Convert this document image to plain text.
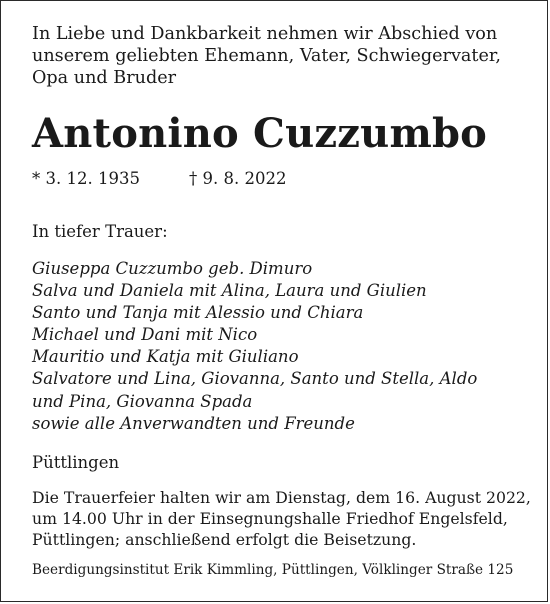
In Liebe und Dankbarkeit nehmen wir Abschied von
unserem geliebten Ehemann, Vater, Schwiegervater,
Opa und Bruder
Antonino Cuzzumbo
* 3. 12. 1935	† 9. 8. 2022
In tiefer Trauer:
Giuseppa Cuzzumbo geb. Dimuro
Salva und Daniela mit Alina, Laura und Giulien
Santo und Tanja mit Alessio und Chiara
Michael und Dani mit Nico
Mauritio und Katja mit Giuliano
Salvatore und Lina, Giovanna, Santo und Stella, Aldo
und Pina, Giovanna Spada
sowie alle Anverwandten und Freunde
Püttlingen
Die Trauerfeier halten wir am Dienstag, dem 16. August 2022,
um 14.00 Uhr in der Einsegnungshalle Friedhof Engelsfeld,
Püttlingen; anschließend erfolgt die Beisetzung.
Beerdigungsinstitut Erik Kimmling, Püttlingen, Völklinger Straße 125
